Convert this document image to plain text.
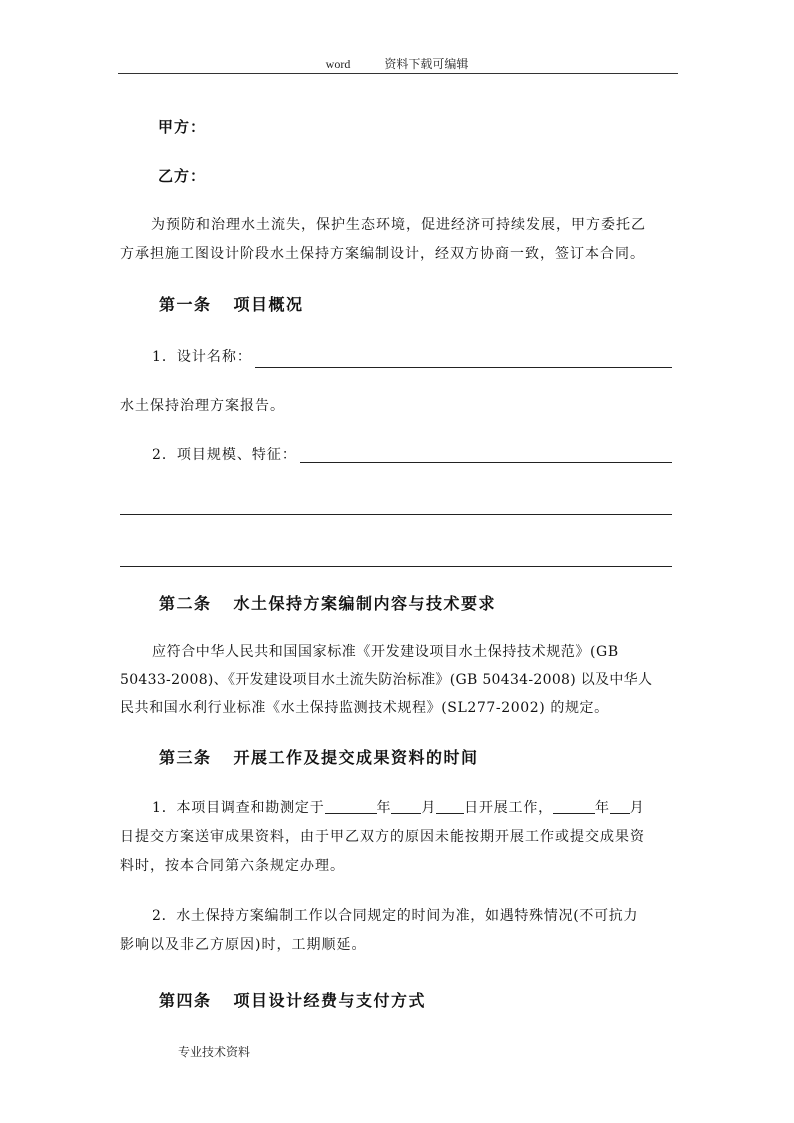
word	资料下载可编辑
甲方：
乙方：
为预防和治理水土流失，保护生态环境，促进经济可持续发展，甲方委托乙
方承担施工图设计阶段水土保持方案编制设计，经双方协商一致，签订本合同。
第一条 项目概况
1．设计名称：
水土保持治理方案报告。
2．项目规模、特征：
第二条 水土保持方案编制内容与技术要求
应符合中华人民共和国国家标准《开发建设项目水土保持技术规范》(GB
50433-2008)、《开发建设项目水土流失防治标准》(GB 50434-2008) 以及中华人
民共和国水利行业标准《水土保持监测技术规程》(SL277-2002) 的规定。
第三条 开展工作及提交成果资料的时间
1．本项目调查和勘测定于	年 月 日开展工作，	年 月
日提交方案送审成果资料，由于甲乙双方的原因未能按期开展工作或提交成果资
料时，按本合同第六条规定办理。
2．水土保持方案编制工作以合同规定的时间为准，如遇特殊情况(不可抗力
影响以及非乙方原因)时，工期顺延。
第四条 项目设计经费与支付方式
专业技术资料
